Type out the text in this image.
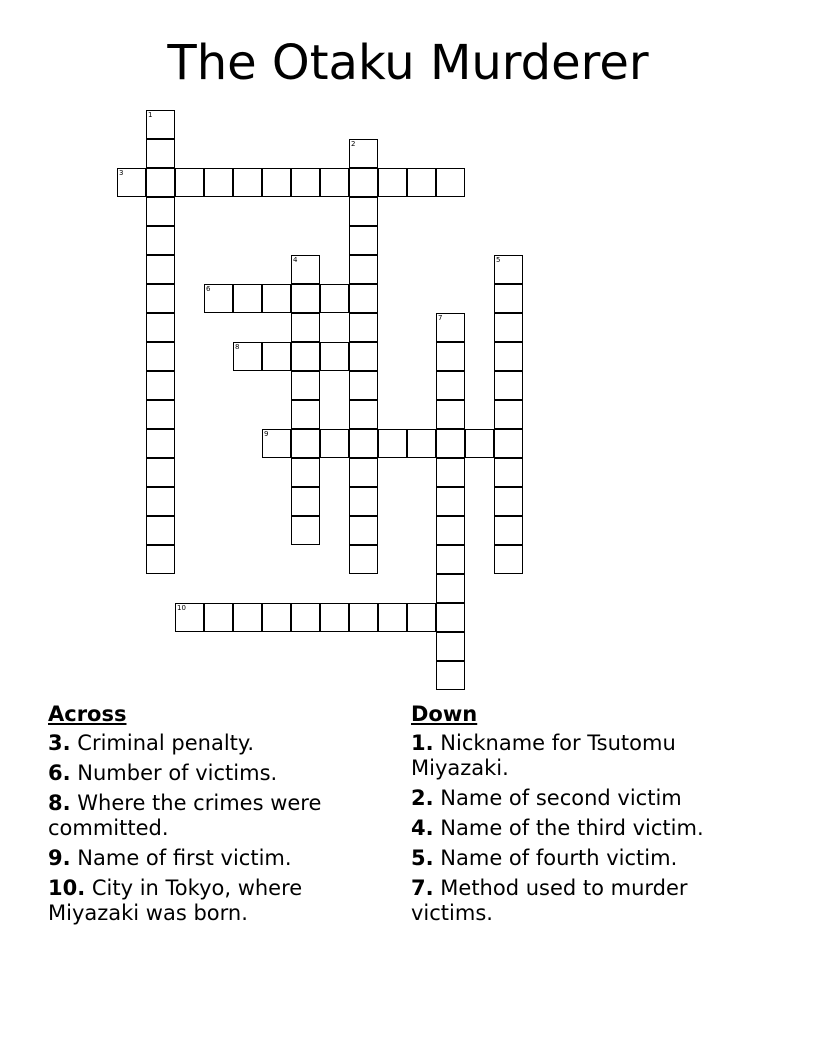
The Otaku Murderer
1
2
3
4	5
6
7
8
9
10
Across
3. Criminal penalty.
6. Number of victims.
8. Where the crimes were committed.
9. Name of first victim.
10. City in Tokyo, where Miyazaki was born.
Down
1. Nickname for Tsutomu Miyazaki.
2. Name of second victim
4. Name of the third victim.
5. Name of fourth victim.
7. Method used to murder victims.
